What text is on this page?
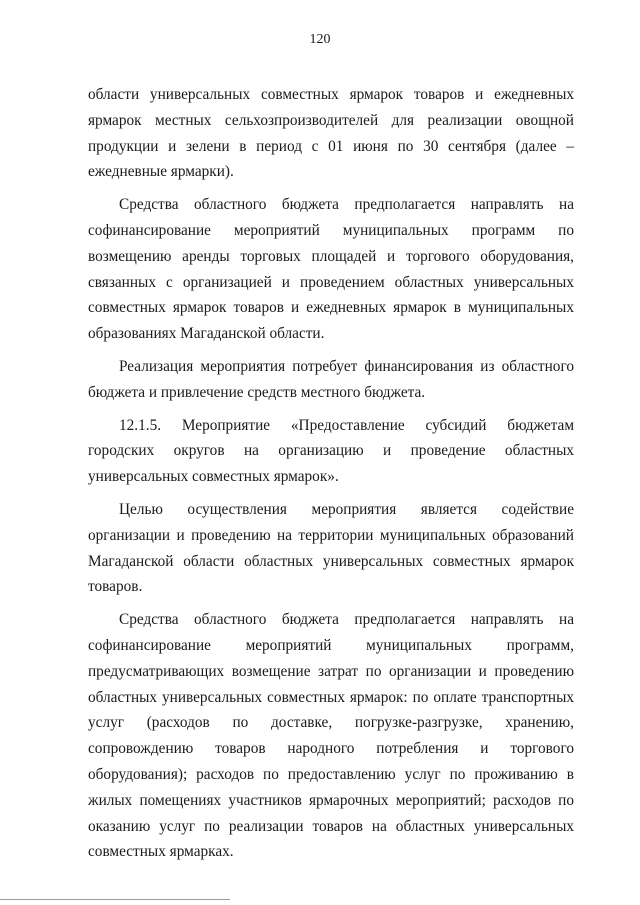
120

области универсальных совместных ярмарок товаров и ежедневных ярмарок местных сельхозпроизводителей для реализации овощной продукции и зелени в период с 01 июня по 30 сентября (далее – ежедневные ярмарки).

Средства областного бюджета предполагается направлять на софинансирование мероприятий муниципальных программ по возмещению аренды торговых площадей и торгового оборудования, связанных с организацией и проведением областных универсальных совместных ярмарок товаров и ежедневных ярмарок в муниципальных образованиях Магаданской области.

Реализация мероприятия потребует финансирования из областного бюджета и привлечение средств местного бюджета.

12.1.5. Мероприятие «Предоставление субсидий бюджетам городских округов на организацию и проведение областных универсальных совместных ярмарок».

Целью осуществления мероприятия является содействие организации и проведению на территории муниципальных образований Магаданской области областных универсальных совместных ярмарок товаров.

Средства областного бюджета предполагается направлять на софинансирование мероприятий муниципальных программ, предусматривающих возмещение затрат по организации и проведению областных универсальных совместных ярмарок: по оплате транспортных услуг (расходов по доставке, погрузке-разгрузке, хранению, сопровождению товаров народного потребления и торгового оборудования); расходов по предоставлению услуг по проживанию в жилых помещениях участников ярмарочных мероприятий; расходов по оказанию услуг по реализации товаров на областных универсальных совместных ярмарках.
